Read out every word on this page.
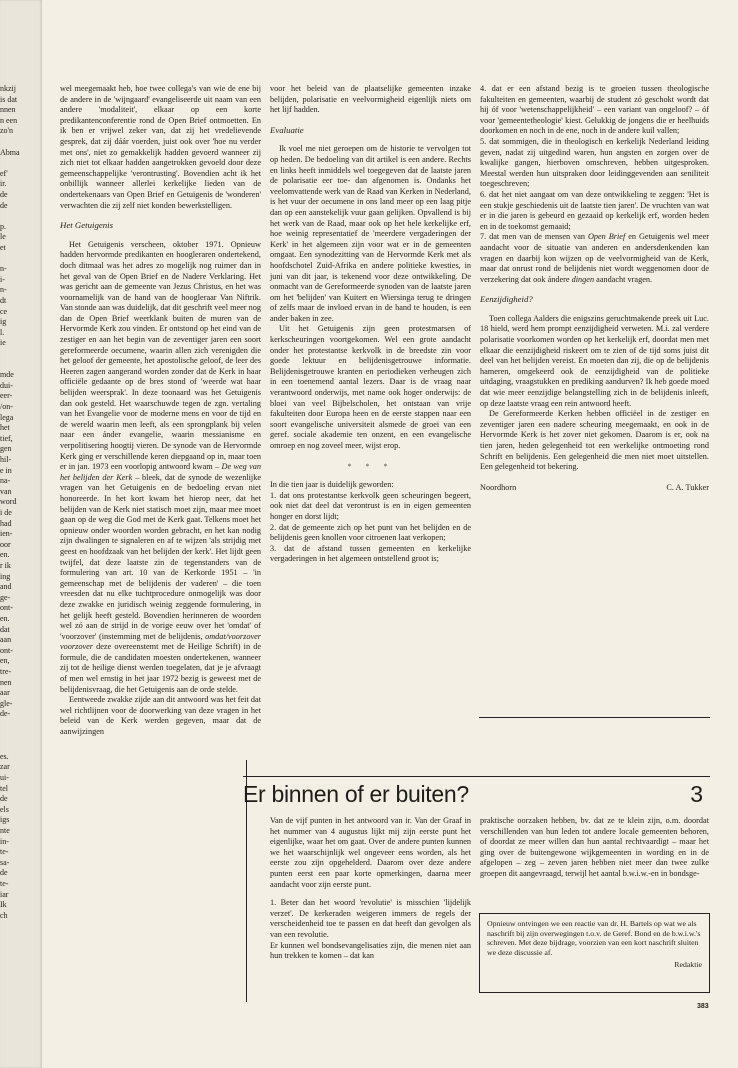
nkzij
is dat
nnen
n een
zo'n
Abma
ef'
ir.
de
de
p.
le
et
n-
i-
n-
dt
ce
ig
l.
ie
mde
dui-
eer-
/on-
lega
het
tief,
gen
hil-
e in
na-
van
word
i de
had
ien-
oor
en.
r ik
ing
and
ge-
ont-
en.
dat
aan
ont-
en,
tre-
nen
aar
gle-
de-
es.
zar
ui-
tel
de
els
igs
nte
in-
te-
sa-
de
te-
iar
Ik
ch

wel meegemaakt heb, hoe twee collega's van wie de ene bij de andere in de 'wijngaard' evangeliseerde uit naam van een andere 'modaliteit', elkaar op een korte predikantenconferentie rond de Open Brief ontmoetten. En ik ben er vrijwel zeker van, dat zij het vredelievende gesprek, dat zij dáár voerden, juist ook over 'hoe nu verder met ons', niet zo gemakkelijk hadden gevoerd wanneer zij zich niet tot elkaar hadden aangetrokken gevoeld door deze gemeenschappelijke 'verontrusting'. Bovendien acht ik het onbillijk wanneer allerlei kerkelijke lieden van de ondertekenaars van Open Brief en Getuigenis de 'wonderen' verwachten die zij zelf niet konden bewerkstelligen.

Het Getuigenis

Het Getuigenis verscheen, oktober 1971. Opnieuw hadden hervormde predikanten en hoogleraren ondertekend, doch ditmaal was het adres zo mogelijk nog ruimer dan in het geval van de Open Brief en de Nadere Verklaring. Het was gericht aan de gemeente van Jezus Christus, en het was voornamelijk van de hand van de hoogleraar Van Niftrik. Van stonde aan was duidelijk, dat dit geschrift veel meer nog dan de Open Brief weerklank buiten de muren van de Hervormde Kerk zou vinden. Er ontstond op het eind van de zestiger en aan het begin van de zeventiger jaren een soort gereformeerde oecumene, waarin allen zich verenigden die het geloof der gemeente, het apostolische geloof, de leer des Heeren zagen aangerand worden zonder dat de Kerk in haar officiële gedaante op de bres stond of 'weerde wat haar belijden weersprak'. In deze toonaard was het Getuigenis dan ook gesteld. Het waarschuwde tegen de zgn. vertaling van het Evangelie voor de moderne mens en voor de tijd en de wereld waarin men leeft, als een sprongplank bij velen naar een ánder evangelie, waarin messianisme en verpolitisering hoogtij vieren. De synode van de Hervormde Kerk ging er verschillende keren diepgaand op in, maar toen er in jan. 1973 een voorlopig antwoord kwam – De weg van het belijden der Kerk – bleek, dat de synode de wezenlijke vragen van het Getuigenis en de bedoeling ervan niet honoreerde. In het kort kwam het hierop neer, dat het belijden van de Kerk niet statisch moet zijn, maar mee moet gaan op de weg die God met de Kerk gaat. Telkens moet het opnieuw onder woorden worden gebracht, en het kan nodig zijn dwalingen te signaleren en af te wijzen 'als strijdig met geest en hoofdzaak van het belijden der kerk'. Het lijdt geen twijfel, dat deze laatste zin de tegenstanders van de formulering van art. 10 van de Kerkorde 1951 – 'in gemeenschap met de belijdenis der vaderen' – die toen vreesden dat nu elke tuchtprocedure onmogelijk was door deze zwakke en juridisch weinig zeggende formulering, in het gelijk heeft gesteld. Bovendien herinneren de woorden wel zó aan de strijd in de vorige eeuw over het 'omdat' of 'voorzover' (instemming met de belijdenis, omdat/voorzover voorzover deze overeenstemt met de Heilige Schrift) in de formule, die de candidaten moesten ondertekenen, wanneer zij tot de heilige dienst werden toegelaten, dat je je afvraagt of men wel ernstig in het jaar 1972 bezig is geweest met de belijdenisvraag, die het Getuigenis aan de orde stelde.

Eentweede zwakke zijde aan dit antwoord was het feit dat wel richtlijnen voor de doorwerking van deze vragen in het beleid van de Kerk werden gegeven, maar dat de aanwijzingen

voor het beleid van de plaatselijke gemeenten inzake belijden, polarisatie en veelvormigheid eigenlijk niets om het lijf hadden.

Evaluatie

Ik voel me niet geroepen om de historie te vervolgen tot op heden. De bedoeling van dit artikel is een andere. Rechts en links heeft inmiddels wel toegegeven dat de laatste jaren de polarisatie eer toe- dan afgenomen is. Ondanks het veelomvattende werk van de Raad van Kerken in Nederland, is het vuur der oecumene in ons land meer op een laag pitje dan op een aanstekelijk vuur gaan gelijken. Opvallend is bij het werk van de Raad, maar ook op het hele kerkelijke erf, hoe weinig representatief de 'meerdere vergaderingen der Kerk' in het algemeen zijn voor wat er in de gemeenten omgaat. Een synodezitting van de Hervormde Kerk met als hoofdschotel Zuid-Afrika en andere politieke kwesties, in juni van dit jaar, is tekenend voor deze ontwikkeling. De onmacht van de Gereformeerde synoden van de laatste jaren om het 'belijden' van Kuitert en Wiersinga terug te dringen of zelfs maar de invloed ervan in de hand te houden, is een ander baken in zee.

Uit het Getuigenis zijn geen protestmarsen of kerkscheuringen voortgekomen. Wel een grote aandacht onder het protestantse kerkvolk in de breedste zin voor goede lektuur en belijdenisgetrouwe informatie. Belijdenisgetrouwe kranten en periodieken verheugen zich in een toenemend aantal lezers. Daar is de vraag naar verantwoord onderwijs, met name ook hoger onderwijs: de bloei van veel Bijbelscholen, het ontstaan van vrije fakulteiten door Europa heen en de eerste stappen naar een soort evangelische universiteit alsmede de groei van een geref. sociale akademie ten onzent, en een evangelische omroep en nog zoveel meer, wijst erop.

* * *

In die tien jaar is duidelijk geworden:

1. dat ons protestantse kerkvolk geen scheuringen begeert, ook niet dat deel dat verontrust is en in eigen gemeenten honger en dorst lijdt;

2. dat de gemeente zich op het punt van het belijden en de belijdenis geen knollen voor citroenen laat verkopen;

3. dat de afstand tussen gemeenten en kerkelijke vergaderingen in het algemeen ontstellend groot is;

4. dat er een afstand bezig is te groeien tussen theologische fakulteiten en gemeenten, waarbij de student zó geschokt wordt dat hij óf voor 'wetenschappelijkheid' – een variant van ongeloof? – óf voor 'gemeentetheologie' kiest. Gelukkig de jongens die er heelhuids doorkomen en noch in de ene, noch in de andere kuil vallen;

5. dat sommigen, die in theologisch en kerkelijk Nederland leiding geven, nadat zij uitgedind waren, hun angsten en zorgen over de kwalijke gangen, hierboven omschreven, hebben uitgesproken. Meestal werden hun uitspraken door leidinggevenden aan seniliteit toegeschreven;

6. dat het niet aangaat om van deze ontwikkeling te zeggen: 'Het is een stukje geschiedenis uit de laatste tien jaren'. De vruchten van wat er in die jaren is gebeurd en gezaaid op kerkelijk erf, worden heden en in de toekomst gemaaid;

7. dat men van de mensen van Open Brief en Getuigenis wel meer aandacht voor de situatie van anderen en andersdenkenden kan vragen en daarbij kon wijzen op de veelvormigheid van de Kerk, maar dat onrust rond de belijdenis niet wordt weggenomen door de verzekering dat ook ándere dingen aandacht vragen.

Eenzijdigheid?

Toen collega Aalders die enigszins geruchtmakende preek uit Luc. 18 hield, werd hem prompt eenzijdigheid verweten. M.i. zal verdere polarisatie voorkomen worden op het kerkelijk erf, doordat men met elkaar die eenzijdigheid riskeert om te zien of de tijd soms juist dit deel van het belijden vereist. En moeten dan zij, die op de belijdenis hameren, omgekeerd ook de eenzijdigheid van de politieke uitdaging, vraagstukken en prediking aandurven? Ik heb goede moed dat wie meer eenzijdige belangstelling zich in de belijdenis inleeft, op deze laatste vraag een rein antwoord heeft.

De Gereformeerde Kerken hebben officiëel in de zestiger en zeventiger jaren een nadere scheuring meegemaakt, en ook in de Hervormde Kerk is het zover niet gekomen. Daarom is er, ook na tien jaren, heden gelegenheid tot een werkelijke ontmoeting rond Schrift en belijdenis. Een gelegenheid die men niet moet uitstellen. Een gelegenheid tot bekering.

Noordhorn	C. A. Tukker
Er binnen of er buiten?	3

Van de vijf punten in het antwoord van ir. Van der Graaf in het nummer van 4 augustus lijkt mij zijn eerste punt het eigenlijke, waar het om gaat. Over de andere punten kunnen we het waarschijnlijk wel ongeveer eens worden, als het eerste zou zijn opgehelderd. Daarom over deze andere punten eerst een paar korte opmerkingen, daarna meer aandacht voor zijn eerste punt.

1. Beter dan het woord 'revolutie' is misschien 'lijdelijk verzet'. De kerkeraden weigeren immers de regels der verscheidenheid toe te passen en dat heeft dan gevolgen als van een revolutie.

Er kunnen wel bondsevangelisaties zijn, die menen niet aan hun trekken te komen – dat kan

praktische oorzaken hebben, bv. dat ze te klein zijn, o.m. doordat verschillenden van hun leden tot andere locale gemeenten behoren, of doordat ze meer willen dan hun aantal rechtvaardigt – maar het ging over de buitengewone wijkgemeenten in wording en in de afgelopen – zeg – zeven jaren hebben niet meer dan twee zulke groepen dit aangevraagd, terwijl het aantal b.w.i.w.-en in bondsge-

Opnieuw ontvingen we een reactie van dr. H. Bartels op wat we als naschrift bij zijn overwegingen t.o.v. de Geref. Bond en de b.w.i.w.'s schreven. Met deze bijdrage, voorzien van een kort naschrift sluiten we deze discussie af.
Redaktie
383
